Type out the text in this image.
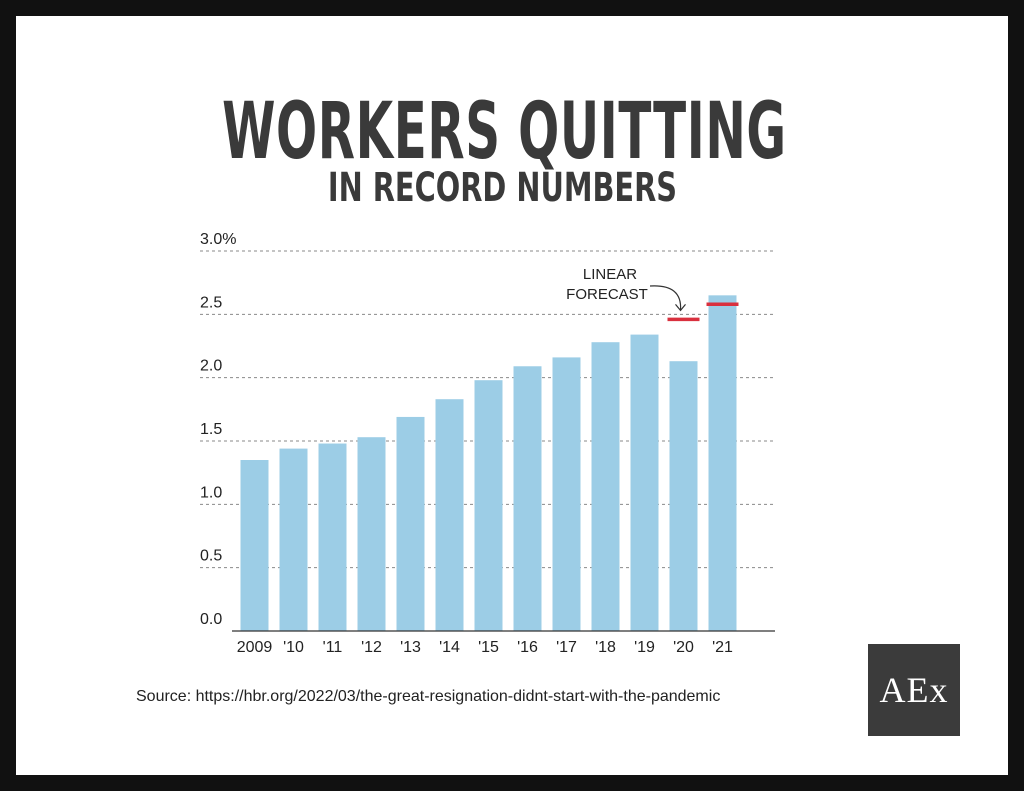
WORKERS QUITTING
IN RECORD NUMBERS

Source: https://hbr.org/2022/03/the-great-resignation-didnt-start-with-the-pandemic	AEx
0.0
0.5
1.0
1.5
2.0
2.5
3.0%
2009 '10 '11 '12 '13 '14 '15 '16 '17 '18 '19 '20 '21
LINEAR
FORECAST
